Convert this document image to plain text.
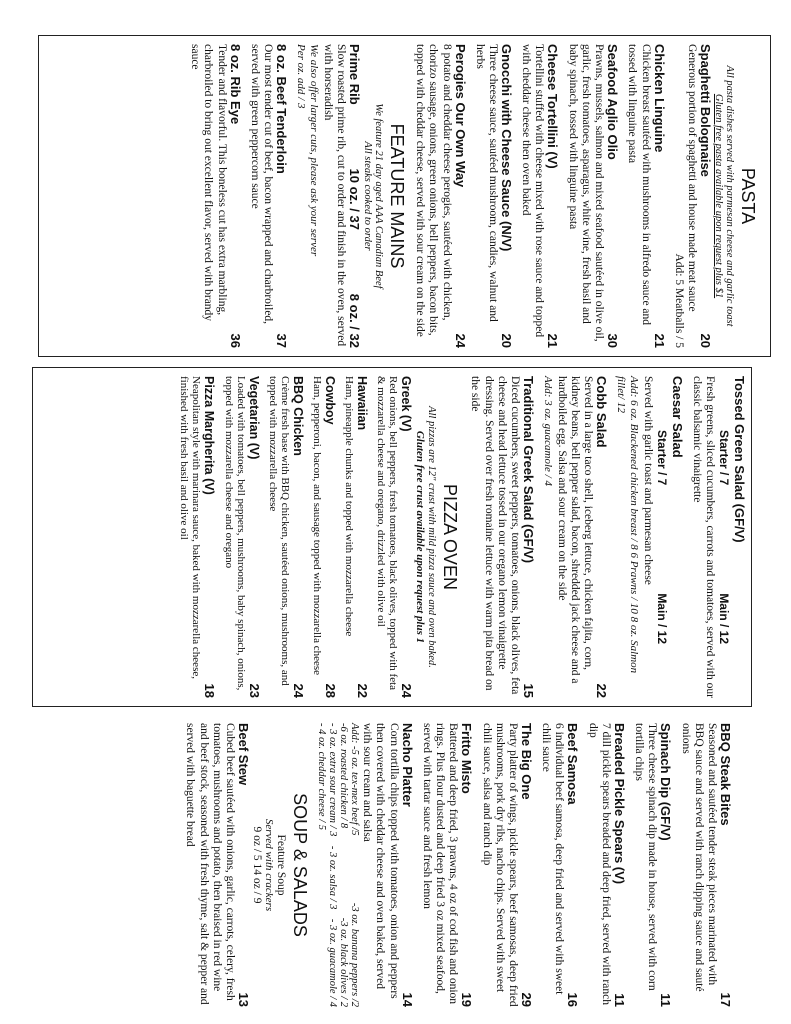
BBQ Steak Bites
17
Seasoned and sautéed tender steak pieces marinated with BBQ sauce and served with ranch dipping sauce and sauté onions
Spinach Dip (GF/V)
11
Three cheese spinach dip made in house, served with corn tortilla chips
Breaded Pickle Spears (V)
11
7 dill pickle spears breaded and deep fried, served with ranch dip
Beef Samosa
16
6 individual beef samosa, deep fried and served with sweet chili sauce
The Big One
29
Party platter of wings, pickle spears, beef samosas, deep fried mushrooms, pork dry ribs, nacho chips. Served with sweet chili sauce, salsa and ranch dip
Fritto Misto
19
Battered and deep fried, 3 prawns, 4 oz of cod fish and onion rings. Plus flour dusted and deep fried 3 oz mixed seafood, served with tartar sauce and fresh lemon
Nacho Platter
14
Corn tortilla chips topped with tomatoes, onion and peppers then covered with cheddar cheese and oven baked, served with sour cream and salsa
Add: -5 oz. tex-mex beef /5
-3 oz. banana peppers /2
-6 oz. roasted chicken / 8
-3 oz. black olives / 2
- 3 oz. extra sour cream / 3
- 3 oz. salsa / 3
- 3 oz. guacamole / 4
- 4 oz. cheddar cheese / 5
SOUP & SALADS
Feature Soup
Served with crackers
9 oz / 5 14 oz / 9
Beef Stew
13
Cubed beef sautéed with onions, garlic, carrots, celery, fresh tomatoes, mushrooms and potato, then braised in red wine and beef stock, seasoned with fresh thyme, salt & pepper and served with baguette bread
Tossed Green Salad (GF/V)
Starter / 7
Main / 12
Fresh greens, sliced cucumbers, carrots and tomatoes, served with our classic balsamic vinaigrette
Caesar Salad
Starter / 7
Main / 12
Served with garlic toast and parmesan cheese
Add: 6 oz. Blackened chicken breast / 8 6 Prawns / 10 8 oz. Salmon fillet/ 12
Cobb Salad
22
Served in a large taco shell, iceberg lettuce, chicken fajita, corn, kidney beans, bell pepper salad, bacon, shredded jack cheese and a hardboiled egg. Salsa and sour cream on the side
Add: 3 oz. guacamole / 4
Traditional Greek Salad (GF/V)
15
Diced cucumbers, sweet peppers, tomatoes, onions, black olives, feta cheese and head lettuce tossed in our oregano lemon vinaigrette dressing. Served over fresh romaine lettuce with warm pita bread on the side
PIZZA OVEN
All pizzas are 12" crust with mild pizza sauce and oven baked.
Gluten free crust available upon request plus 1
Greek (V)
24
Red onions, bell peppers, fresh tomatoes, black olives, topped with feta & mozzarella cheese and oregano, drizzled with olive oil
Hawaiian
22
Ham, pineapple chunks and topped with mozzarella cheese
Cowboy
28
Ham, pepperoni, bacon, and sausage topped with mozzarella cheese
BBQ Chicken
24
Crème fresh base with BBQ chicken, sautéed onions, mushrooms, and topped with mozzarella cheese
Vegetarian (V)
23
Loaded with tomatoes, bell peppers, mushrooms, baby spinach, onions, topped with mozzarella cheese and oregano
Pizza Margherita (V)
18
Neapolitan style with marinara sauce, baked with mozzarella cheese, finished with fresh basil and olive oil
PASTA
All pasta dishes served with parmesan cheese and garlic toast
Gluten free pasta available upon request plus $1
Spaghetti Bolognaise
20
Generous portion of spaghetti and house made meat sauce
Add: 5 Meatballs / 5
Chicken Linguine
21
Chicken breast sautéed with mushrooms in alfredo sauce and tossed with linguine pasta
Seafood Aglio Olio
30
Prawns, mussels, salmon and mixed seafood sautéed in olive oil, garlic, fresh tomatoes, asparagus, white wine, fresh basil and baby spinach, tossed with linguine pasta
Cheese Tortellini (V)
21
Tortellini stuffed with cheese mixed with rose sauce and topped with cheddar cheese then oven baked
Gnocchi with Cheese Sauce (N/V)
20
Three cheese sauce, sautéed mushroom, candies, walnut and herbs
Perogies Our Own Way
24
8 potato and cheddar cheese perogies, sautéed with chicken, chorizo sausage, onions, green onions, bell peppers, bacon bits, topped with cheddar cheese, served with sour cream on the side
FEATURE MAINS
We feature 21 day aged AAA Canadian Beef
All steaks cooked to order
Prime Rib
10 oz. / 37
8 oz. / 32
Slow roasted prime rib, cut to order and finish in the oven, served with horseradish
We also offer larger cuts, please ask your server
Per oz. add / 3
8 oz. Beef Tenderloin
37
Our most tender cut of beef, bacon wrapped and charbroiled, served with green peppercorn sauce
8 oz. Rib Eye
36
Tender and flavorful. This boneless cut has extra marbling, charbroiled to bring out excellent flavor, served with brandy sauce
